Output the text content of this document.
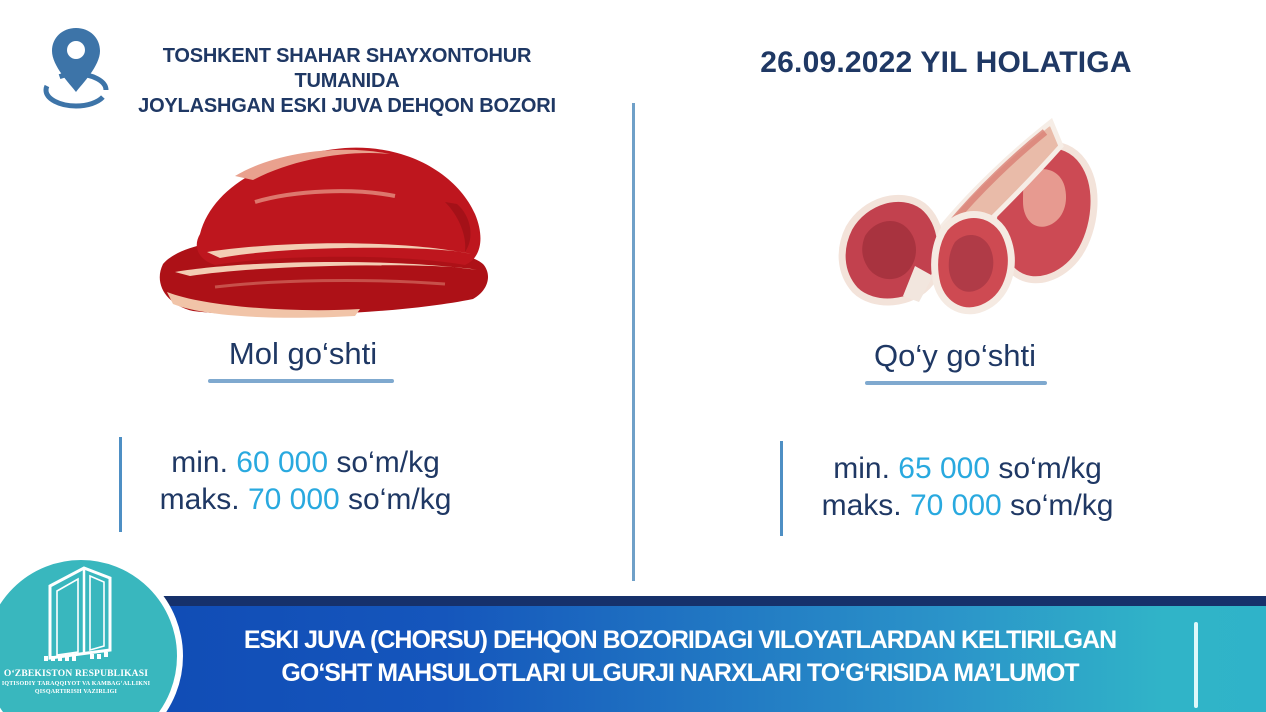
TOSHKENT SHAHAR SHAYXONTOHUR TUMANIDA
JOYLASHGAN ESKI JUVA DEHQON BOZORI
26.09.2022 YIL HOLATIGA
Mol go‘shti
min. 60 000 so‘m/kg
maks. 70 000 so‘m/kg
Qo‘y go‘shti
min. 65 000 so‘m/kg
maks. 70 000 so‘m/kg
ESKI JUVA (CHORSU) DEHQON BOZORIDAGI VILOYATLARDAN KELTIRILGAN
GO‘SHT MAHSULOTLARI ULGURJI NARXLARI TO‘G‘RISIDA MA’LUMOT
O‘ZBEKISTON RESPUBLIKASI
IQTISODIY TARAQQIYOT VA KAMBAG‘ALLIKNI
QISQARTIRISH VAZIRLIGI
